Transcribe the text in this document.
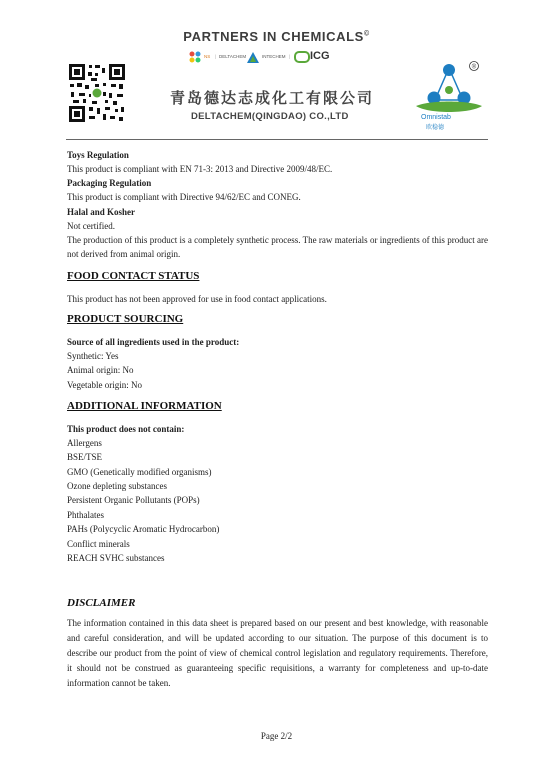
PARTNERS IN CHEMICALS©
NS | DELTACHEM	INTECHEM | ICG
青岛德达志成化工有限公司
DELTACHEM(QINGDAO) CO.,LTD
®
Omnistab
欧稳德
Toys Regulation
This product is compliant with EN 71-3: 2013 and Directive 2009/48/EC.
Packaging Regulation
This product is compliant with Directive 94/62/EC and CONEG.
Halal and Kosher
Not certified.
The production of this product is a completely synthetic process. The raw materials or ingredients of this product are not derived from animal origin.
FOOD CONTACT STATUS
This product has not been approved for use in food contact applications.
PRODUCT SOURCING
Source of all ingredients used in the product:
Synthetic: Yes
Animal origin: No
Vegetable origin: No
ADDITIONAL INFORMATION
This product does not contain:
Allergens
BSE/TSE
GMO (Genetically modified organisms)
Ozone depleting substances
Persistent Organic Pollutants (POPs)
Phthalates
PAHs (Polycyclic Aromatic Hydrocarbon)
Conflict minerals
REACH SVHC substances
DISCLAIMER
The information contained in this data sheet is prepared based on our present and best knowledge, with reasonable and careful consideration, and will be updated according to our situation. The purpose of this document is to describe our product from the point of view of chemical control legislation and regulatory requirements. Therefore, it should not be construed as guaranteeing specific requisitions, a warranty for completeness and up-to-date information cannot be taken.
Page 2/2
